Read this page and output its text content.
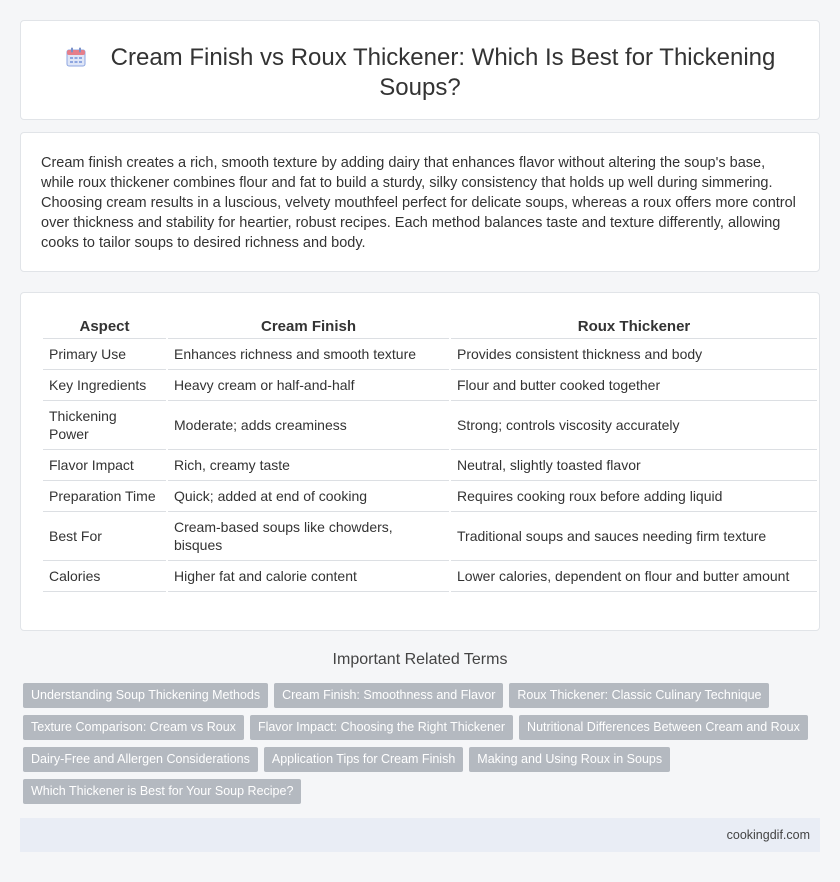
Cream Finish vs Roux Thickener: Which Is Best for Thickening Soups?

Cream finish creates a rich, smooth texture by adding dairy that enhances flavor without altering the soup's base, while roux thickener combines flour and fat to build a sturdy, silky consistency that holds up well during simmering. Choosing cream results in a luscious, velvety mouthfeel perfect for delicate soups, whereas a roux offers more control over thickness and stability for heartier, robust recipes. Each method balances taste and texture differently, allowing cooks to tailor soups to desired richness and body.

Aspect	Cream Finish	Roux Thickener
Primary Use	Enhances richness and smooth texture	Provides consistent thickness and body
Key Ingredients	Heavy cream or half-and-half	Flour and butter cooked together
Thickening Power	Moderate; adds creaminess	Strong; controls viscosity accurately
Flavor Impact	Rich, creamy taste	Neutral, slightly toasted flavor
Preparation Time	Quick; added at end of cooking	Requires cooking roux before adding liquid
Best For	Cream-based soups like chowders, bisques	Traditional soups and sauces needing firm texture
Calories	Higher fat and calorie content	Lower calories, dependent on flour and butter amount
Important Related Terms
Understanding Soup Thickening Methods	Cream Finish: Smoothness and Flavor	Roux Thickener: Classic Culinary Technique
Texture Comparison: Cream vs Roux	Flavor Impact: Choosing the Right Thickener	Nutritional Differences Between Cream and Roux
Dairy-Free and Allergen Considerations	Application Tips for Cream Finish	Making and Using Roux in Soups
Which Thickener is Best for Your Soup Recipe?
cookingdif.com
